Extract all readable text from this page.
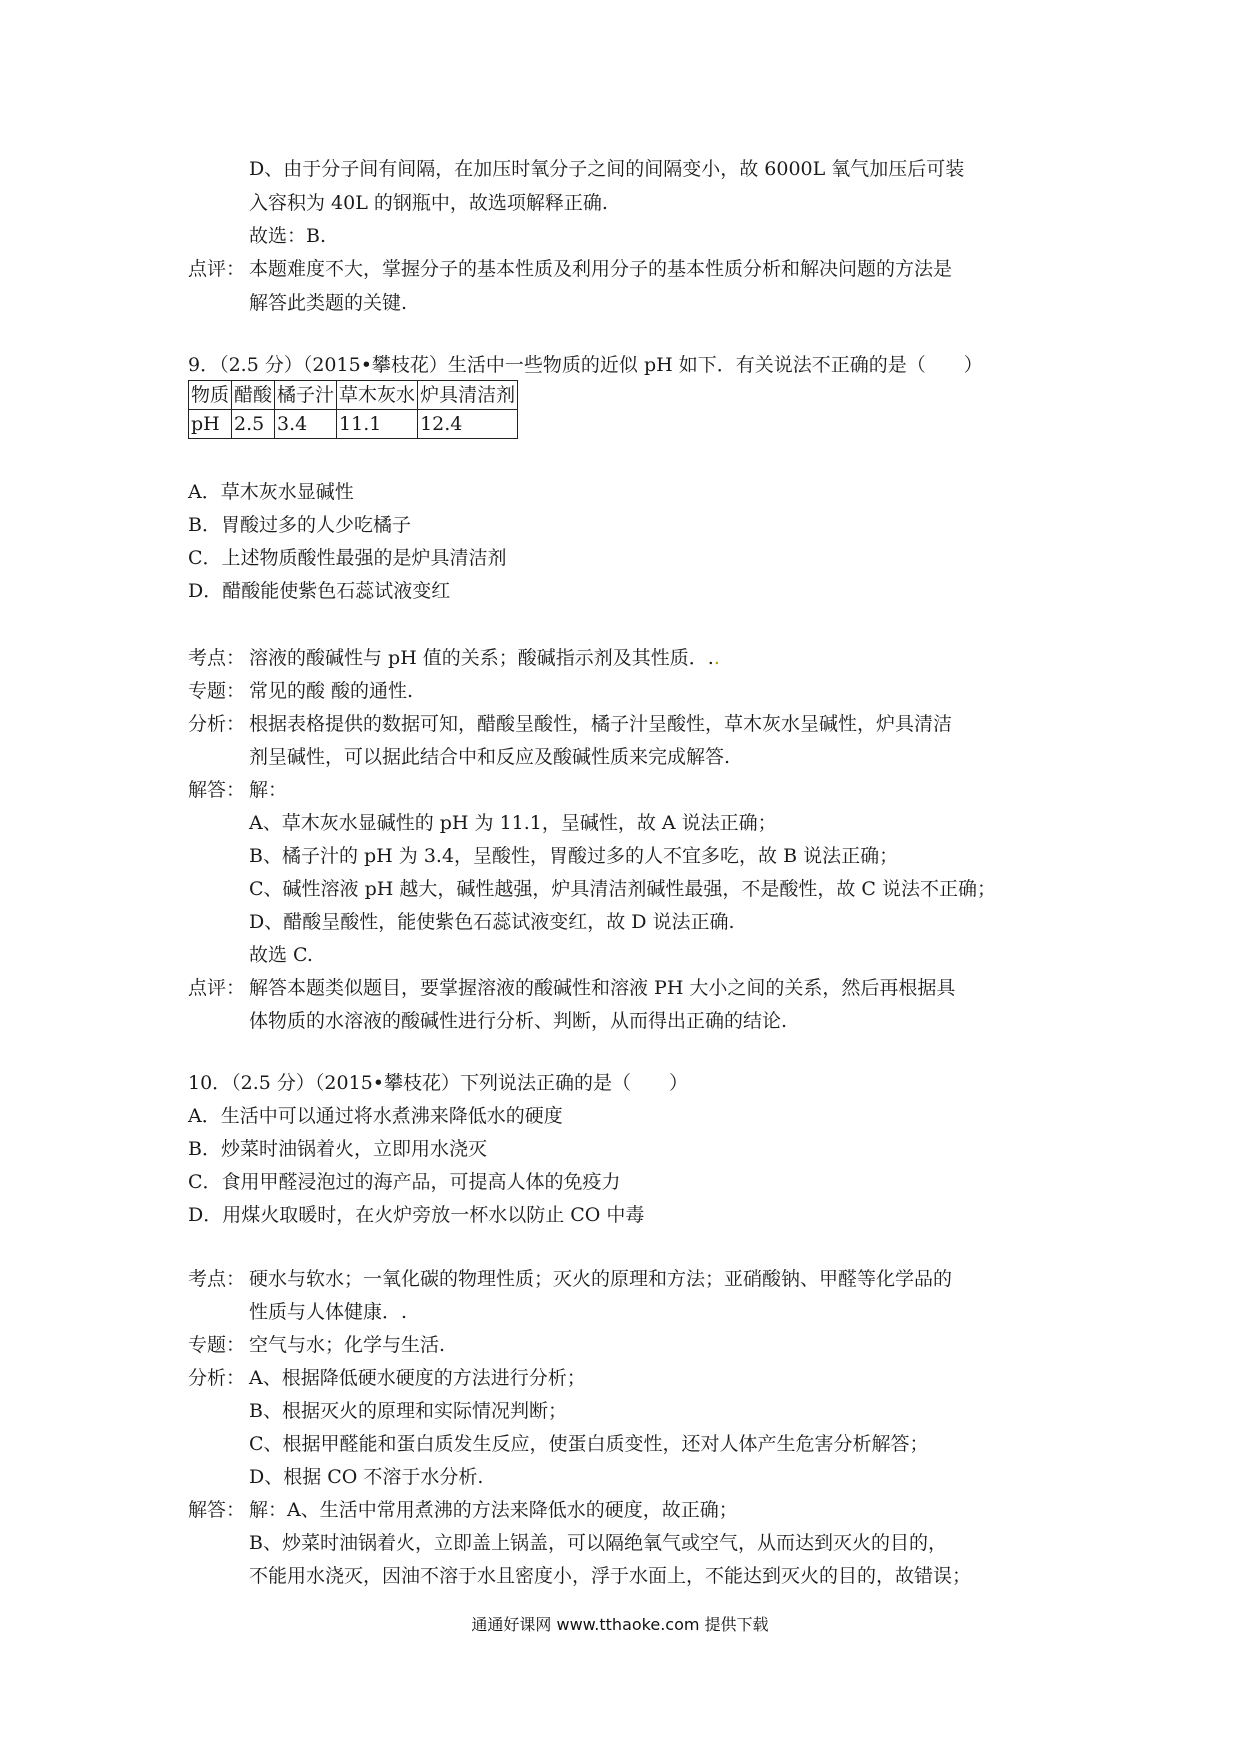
D、由于分子间有间隔，在加压时氧分子之间的间隔变小，故 6000L 氧气加压后可装
入容积为 40L 的钢瓶中，故选项解释正确.
故选：B.
点评： 本题难度不大，掌握分子的基本性质及利用分子的基本性质分析和解决问题的方法是
解答此类题的关键.
9．（2.5 分）（2015•攀枝花）生活中一些物质的近似 pH 如下．有关说法不正确的是（　　）
物质	醋酸	橘子汁	草木灰水	炉具清洁剂
pH	2.5	3.4	11.1	12.4
A．草木灰水显碱性
B．胃酸过多的人少吃橘子
C．上述物质酸性最强的是炉具清洁剂
D．醋酸能使紫色石蕊试液变红
考点： 溶液的酸碱性与 pH 值的关系；酸碱指示剂及其性质．..
专题： 常见的酸 酸的通性.
分析： 根据表格提供的数据可知，醋酸呈酸性，橘子汁呈酸性，草木灰水呈碱性，炉具清洁
剂呈碱性，可以据此结合中和反应及酸碱性质来完成解答.
解答： 解：
A、草木灰水显碱性的 pH 为 11.1，呈碱性，故 A 说法正确；
B、橘子汁的 pH 为 3.4，呈酸性，胃酸过多的人不宜多吃，故 B 说法正确；
C、碱性溶液 pH 越大，碱性越强，炉具清洁剂碱性最强，不是酸性，故 C 说法不正确；
D、醋酸呈酸性，能使紫色石蕊试液变红，故 D 说法正确.
故选 C.
点评： 解答本题类似题目，要掌握溶液的酸碱性和溶液 PH 大小之间的关系，然后再根据具
体物质的水溶液的酸碱性进行分析、判断，从而得出正确的结论.
10．（2.5 分）（2015•攀枝花）下列说法正确的是（　　）
A．生活中可以通过将水煮沸来降低水的硬度
B．炒菜时油锅着火，立即用水浇灭
C．食用甲醛浸泡过的海产品，可提高人体的免疫力
D．用煤火取暖时，在火炉旁放一杯水以防止 CO 中毒
考点： 硬水与软水；一氧化碳的物理性质；灭火的原理和方法；亚硝酸钠、甲醛等化学品的
性质与人体健康．.
专题： 空气与水；化学与生活.
分析： A、根据降低硬水硬度的方法进行分析；
B、根据灭火的原理和实际情况判断；
C、根据甲醛能和蛋白质发生反应，使蛋白质变性，还对人体产生危害分析解答；
D、根据 CO 不溶于水分析.
解答： 解：A、生活中常用煮沸的方法来降低水的硬度，故正确；
B、炒菜时油锅着火，立即盖上锅盖，可以隔绝氧气或空气，从而达到灭火的目的，
不能用水浇灭，因油不溶于水且密度小，浮于水面上，不能达到灭火的目的，故错误；
通通好课网 www.tthaoke.com 提供下载
